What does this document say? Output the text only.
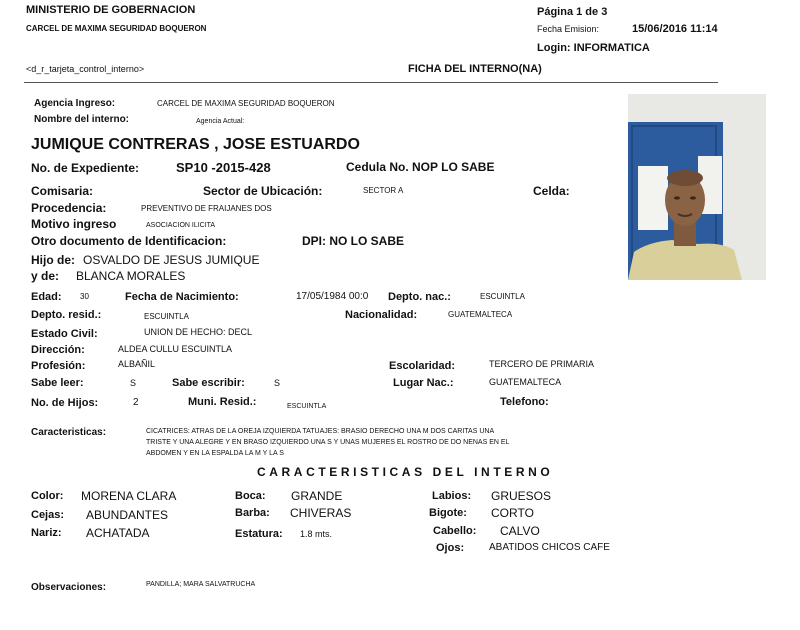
MINISTERIO DE GOBERNACION
CARCEL DE MAXIMA SEGURIDAD BOQUERON
Página 1 de 3
Fecha Emision:	15/06/2016 11:14
Login: INFORMATICA
<d_r_tarjeta_control_interno>	FICHA DEL INTERNO(NA)
Agencia Ingreso:	CARCEL DE MAXIMA SEGURIDAD BOQUERON
Nombre del interno:	Agencia Actual:
JUMIQUE CONTRERAS , JOSE ESTUARDO
No. de Expediente:	SP10 -2015-428	Cedula No. NOP LO SABE
Comisaria:	Sector de Ubicación:	SECTOR A	Celda:
Procedencia:	PREVENTIVO DE FRAIJANES DOS
Motivo ingreso	ASOCIACION ILICITA
Otro documento de Identificacion:	DPI: NO LO SABE
Hijo de: OSVALDO DE JESUS JUMIQUE
y de: BLANCA MORALES
Edad: 30	Fecha de Nacimiento:	17/05/1984 00:0 Depto. nac.:	ESCUINTLA
Depto. resid.:	ESCUINTLA	Nacionalidad:	GUATEMALTECA
Estado Civil:	UNION DE HECHO: DECL
Dirección:	ALDEA CULLU ESCUINTLA
Profesión:	ALBAÑIL	Escolaridad:	TERCERO DE PRIMARIA
Sabe leer:	S	Sabe escribir:	S	Lugar Nac.:	GUATEMALTECA
No. de Hijos:	2	Muni. Resid.:	ESCUINTLA	Telefono:
Caracteristicas:	CICATRICES: ATRAS DE LA OREJA IZQUIERDA TATUAJES: BRASIO DERECHO UNA M DOS CARITAS UNA
TRISTE Y UNA ALEGRE Y EN BRASO IZQUIERDO UNA S Y UNAS MUJERES EL ROSTRO DE DO NENAS EN EL
ABDOMEN Y EN LA ESPALDA LA M Y LA S
CARACTERISTICAS DEL INTERNO
Color: MORENA CLARA	Boca: GRANDE	Labios: GRUESOS
Cejas: ABUNDANTES	Barba: CHIVERAS	Bigote: CORTO
Nariz: ACHATADA	Estatura: 1.8 mts.	Cabello: CALVO
Ojos: ABATIDOS CHICOS CAFE
Observaciones:	PANDILLA; MARA SALVATRUCHA
